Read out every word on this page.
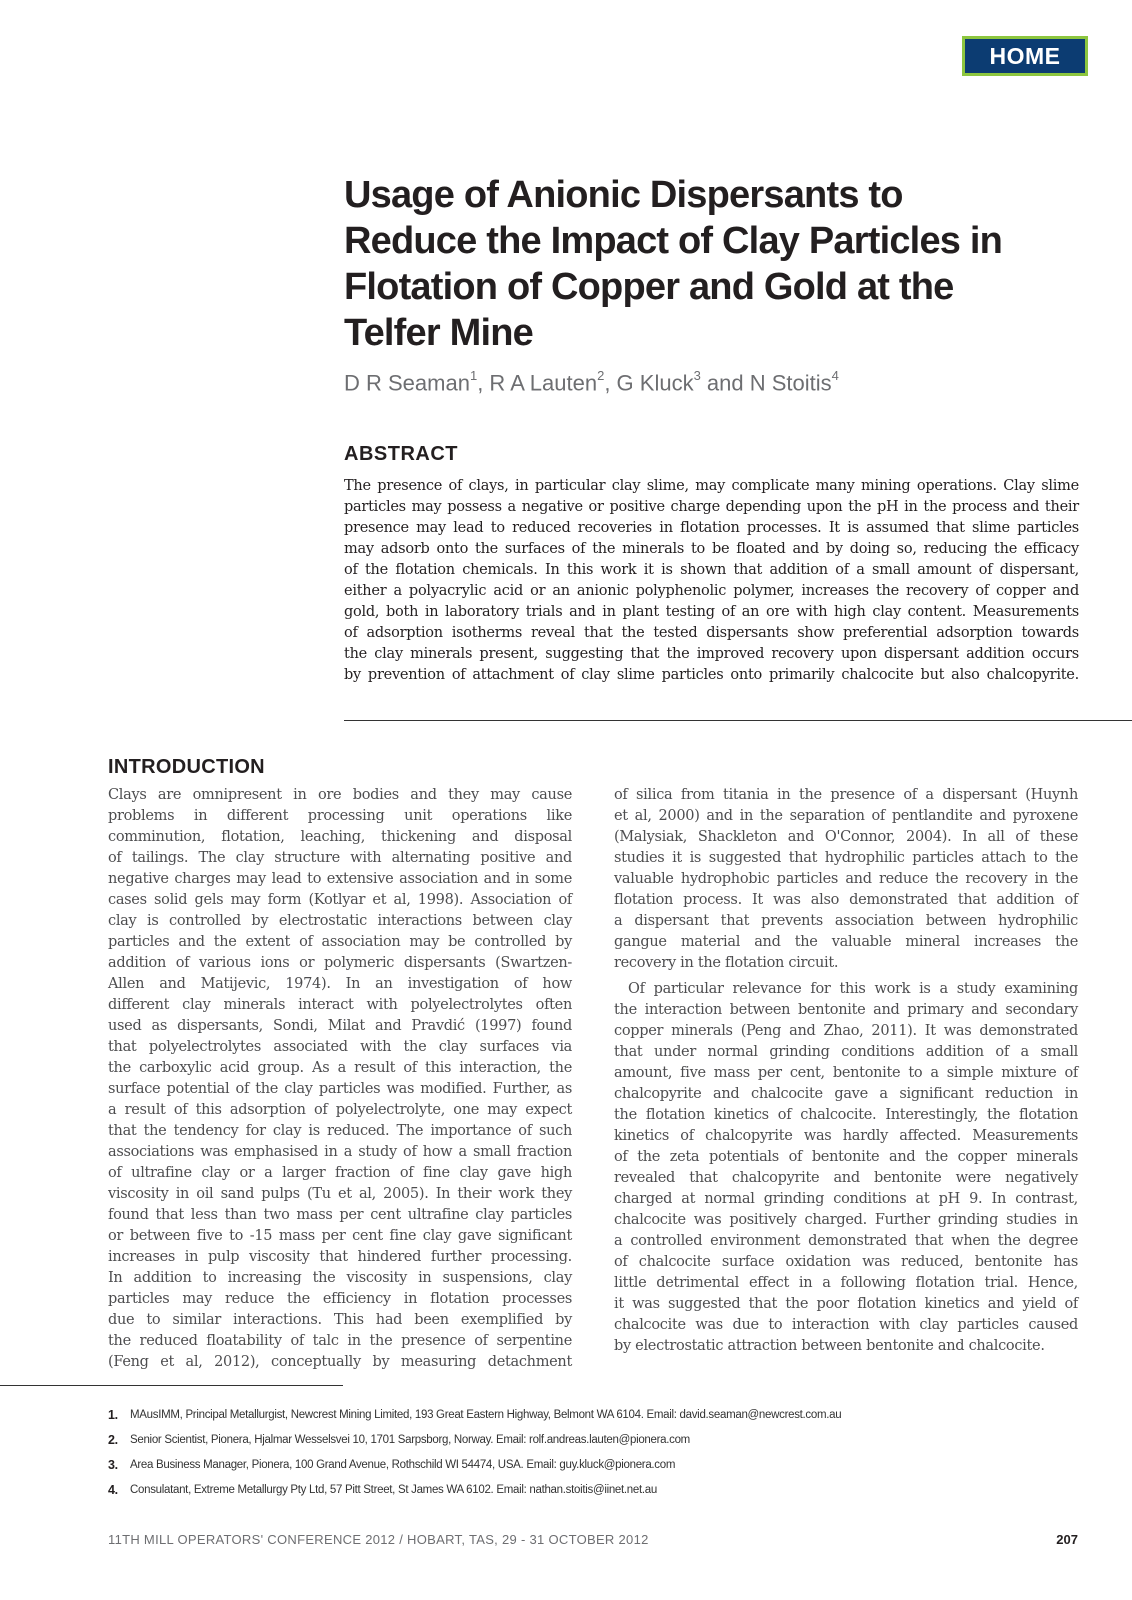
HOME
Usage of Anionic Dispersants to
Reduce the Impact of Clay Particles in
Flotation of Copper and Gold at the
Telfer Mine
D R Seaman$^1$, R A Lauten$^2$, G Kluck$^3$ and N Stoitis$^4$
ABSTRACT
The presence of clays, in particular clay slime, may complicate many mining operations. Clay slime
particles may possess a negative or positive charge depending upon the pH in the process and their
presence may lead to reduced recoveries in flotation processes. It is assumed that slime particles
may adsorb onto the surfaces of the minerals to be floated and by doing so, reducing the efficacy
of the flotation chemicals. In this work it is shown that addition of a small amount of dispersant,
either a polyacrylic acid or an anionic polyphenolic polymer, increases the recovery of copper and
gold, both in laboratory trials and in plant testing of an ore with high clay content. Measurements
of adsorption isotherms reveal that the tested dispersants show preferential adsorption towards
the clay minerals present, suggesting that the improved recovery upon dispersant addition occurs
by prevention of attachment of clay slime particles onto primarily chalcocite but also chalcopyrite.
INTRODUCTION
Clays are omnipresent in ore bodies and they may cause
problems in different processing unit operations like
comminution, flotation, leaching, thickening and disposal
of tailings. The clay structure with alternating positive and
negative charges may lead to extensive association and in some
cases solid gels may form (Kotlyar et al, 1998). Association of
clay is controlled by electrostatic interactions between clay
particles and the extent of association may be controlled by
addition of various ions or polymeric dispersants (Swartzen-
Allen and Matijevic, 1974). In an investigation of how
different clay minerals interact with polyelectrolytes often
used as dispersants, Sondi, Milat and Pravdić (1997) found
that polyelectrolytes associated with the clay surfaces via
the carboxylic acid group. As a result of this interaction, the
surface potential of the clay particles was modified. Further, as
a result of this adsorption of polyelectrolyte, one may expect
that the tendency for clay is reduced. The importance of such
associations was emphasised in a study of how a small fraction
of ultrafine clay or a larger fraction of fine clay gave high
viscosity in oil sand pulps (Tu et al, 2005). In their work they
found that less than two mass per cent ultrafine clay particles
or between five to -15 mass per cent fine clay gave significant
increases in pulp viscosity that hindered further processing.
In addition to increasing the viscosity in suspensions, clay
particles may reduce the efficiency in flotation processes
due to similar interactions. This had been exemplified by
the reduced floatability of talc in the presence of serpentine
(Feng et al, 2012), conceptually by measuring detachment
of silica from titania in the presence of a dispersant (Huynh
et al, 2000) and in the separation of pentlandite and pyroxene
(Malysiak, Shackleton and O'Connor, 2004). In all of these
studies it is suggested that hydrophilic particles attach to the
valuable hydrophobic particles and reduce the recovery in the
flotation process. It was also demonstrated that addition of
a dispersant that prevents association between hydrophilic
gangue material and the valuable mineral increases the
recovery in the flotation circuit.
Of particular relevance for this work is a study examining
the interaction between bentonite and primary and secondary
copper minerals (Peng and Zhao, 2011). It was demonstrated
that under normal grinding conditions addition of a small
amount, five mass per cent, bentonite to a simple mixture of
chalcopyrite and chalcocite gave a significant reduction in
the flotation kinetics of chalcocite. Interestingly, the flotation
kinetics of chalcopyrite was hardly affected. Measurements
of the zeta potentials of bentonite and the copper minerals
revealed that chalcopyrite and bentonite were negatively
charged at normal grinding conditions at pH 9. In contrast,
chalcocite was positively charged. Further grinding studies in
a controlled environment demonstrated that when the degree
of chalcocite surface oxidation was reduced, bentonite has
little detrimental effect in a following flotation trial. Hence,
it was suggested that the poor flotation kinetics and yield of
chalcocite was due to interaction with clay particles caused
by electrostatic attraction between bentonite and chalcocite.
1.	MAusIMM, Principal Metallurgist, Newcrest Mining Limited, 193 Great Eastern Highway, Belmont WA 6104. Email: david.seaman@newcrest.com.au
2.	Senior Scientist, Pionera, Hjalmar Wesselsvei 10, 1701 Sarpsborg, Norway. Email: rolf.andreas.lauten@pionera.com
3.	Area Business Manager, Pionera, 100 Grand Avenue, Rothschild WI 54474, USA. Email: guy.kluck@pionera.com
4.	Consulatant, Extreme Metallurgy Pty Ltd, 57 Pitt Street, St James WA 6102. Email: nathan.stoitis@iinet.net.au
11TH MILL OPERATORS' CONFERENCE 2012 / HOBART, TAS, 29 - 31 OCTOBER 2012	207
